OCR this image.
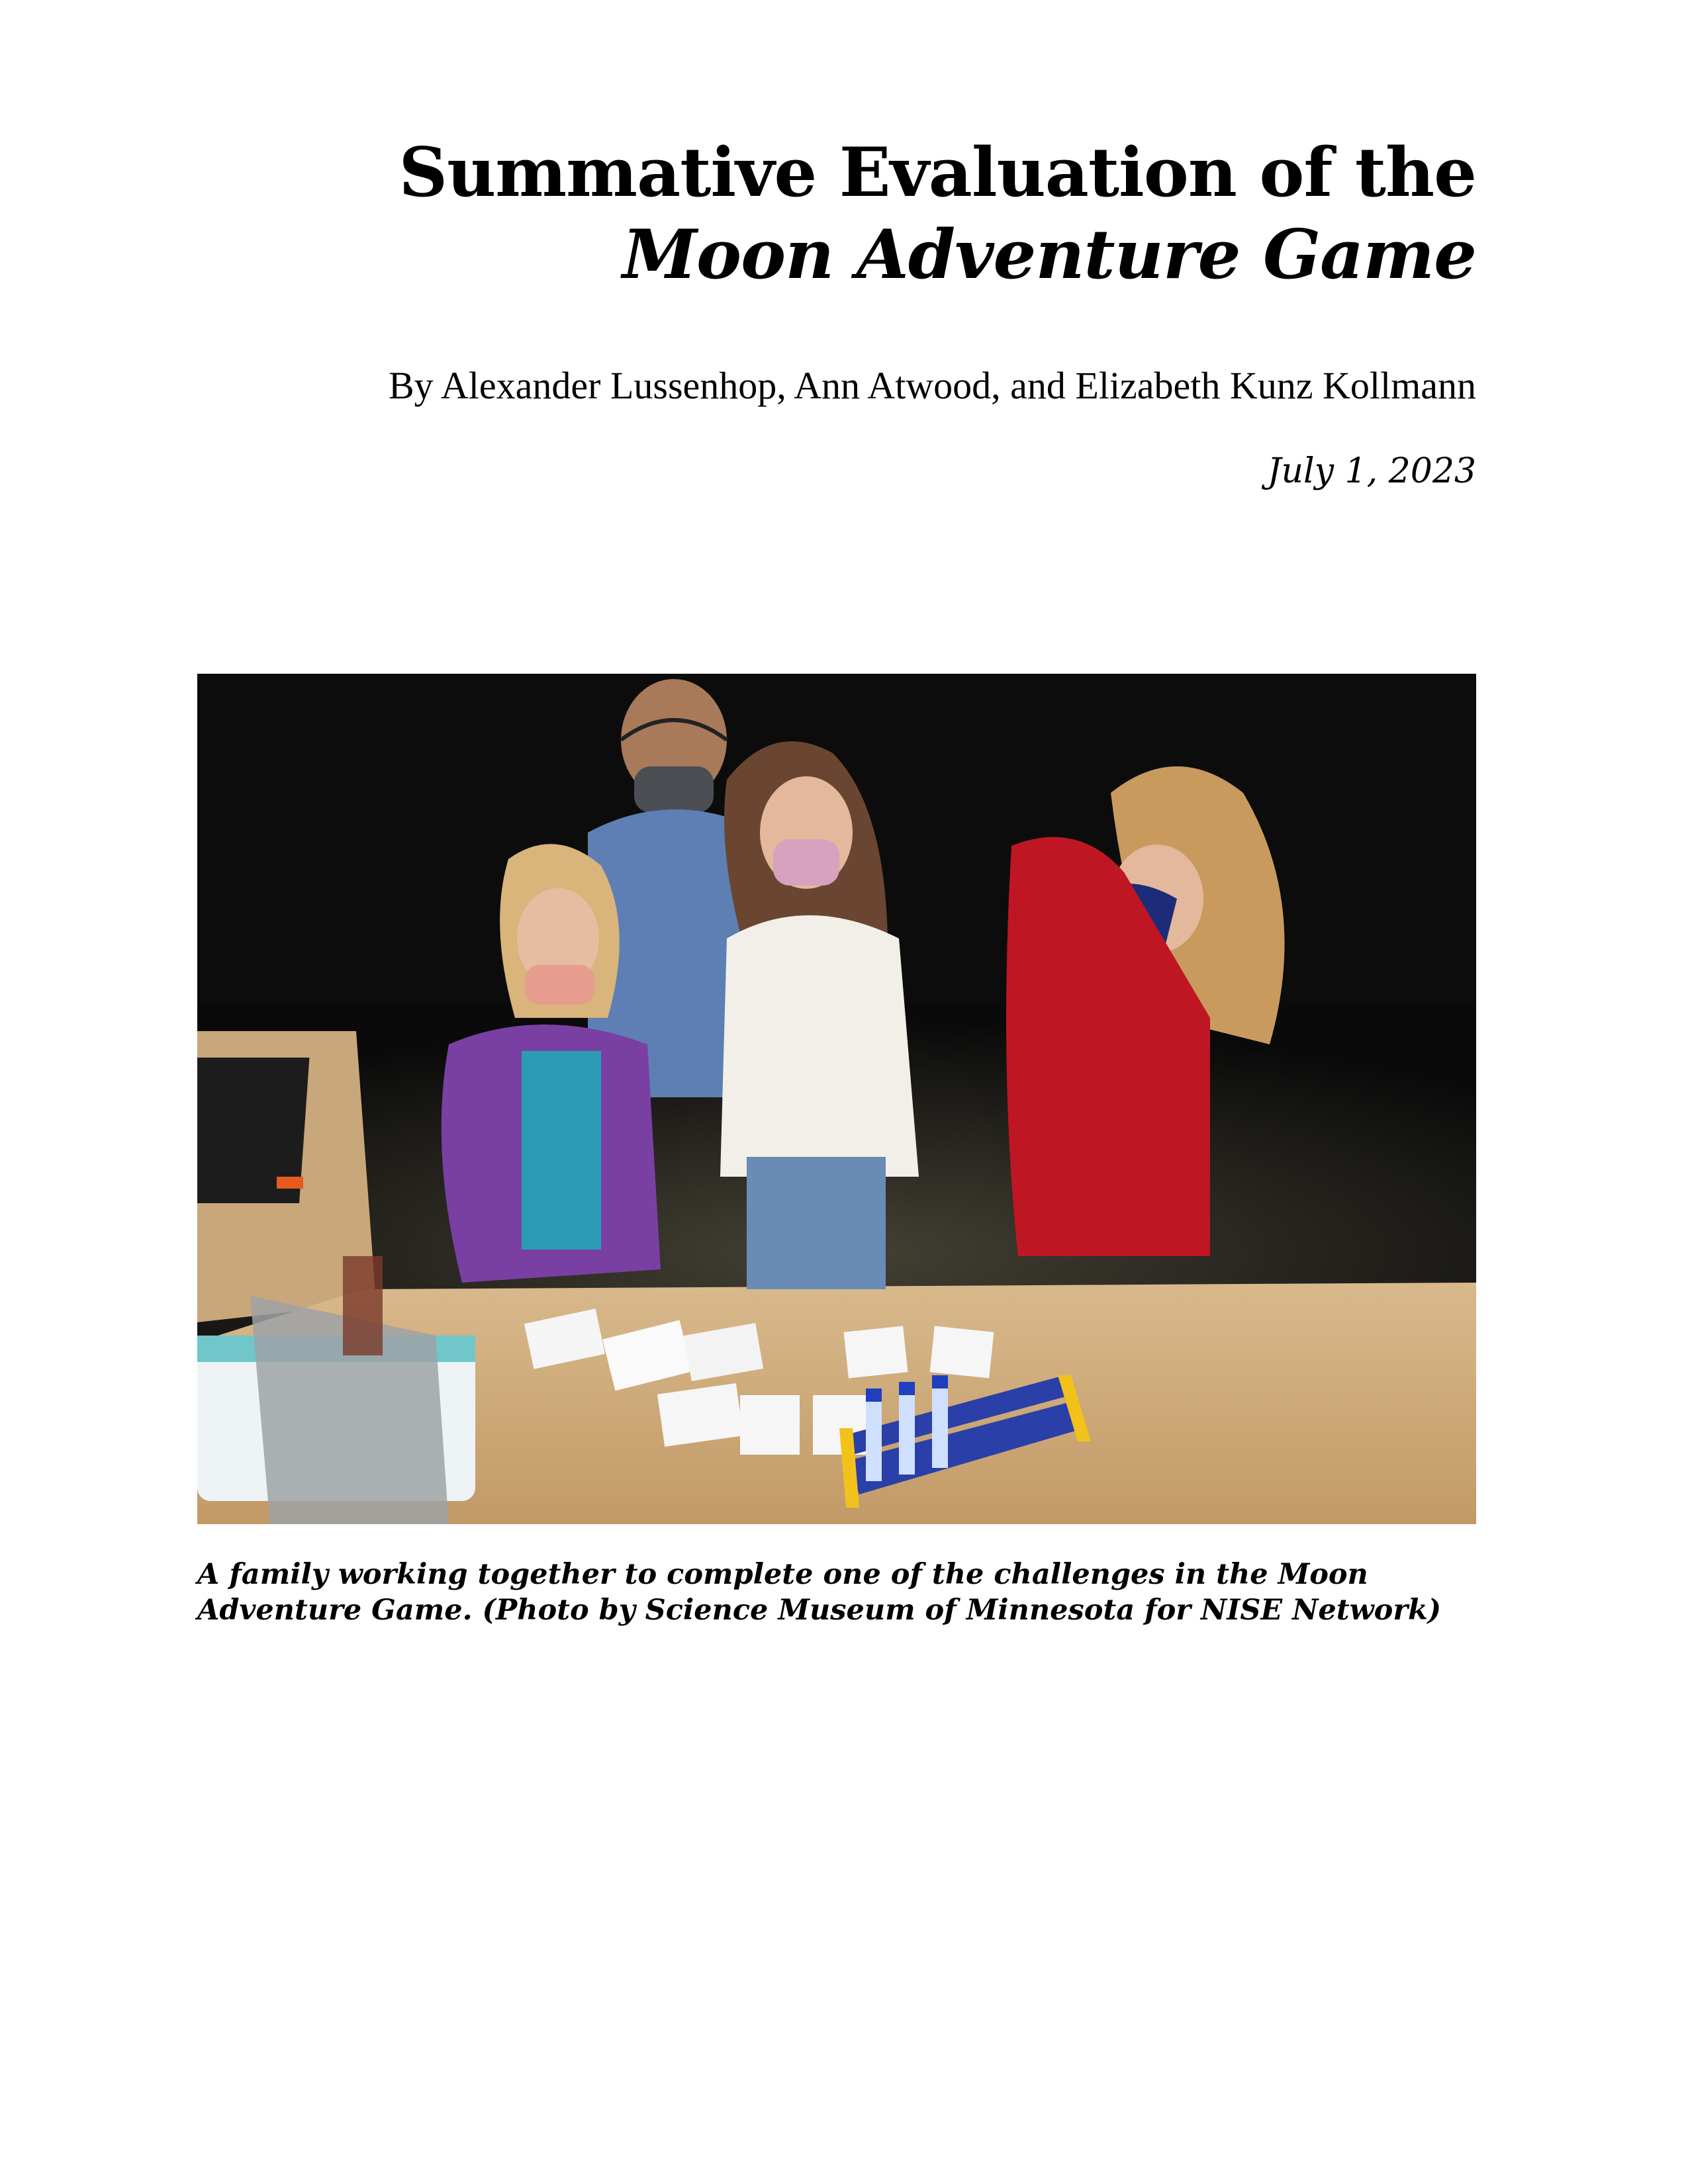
Summative Evaluation of the
Moon Adventure Game
By Alexander Lussenhop, Ann Atwood, and Elizabeth Kunz Kollmann
July 1, 2023
A family working together to complete one of the challenges in the Moon
Adventure Game. (Photo by Science Museum of Minnesota for NISE Network)
